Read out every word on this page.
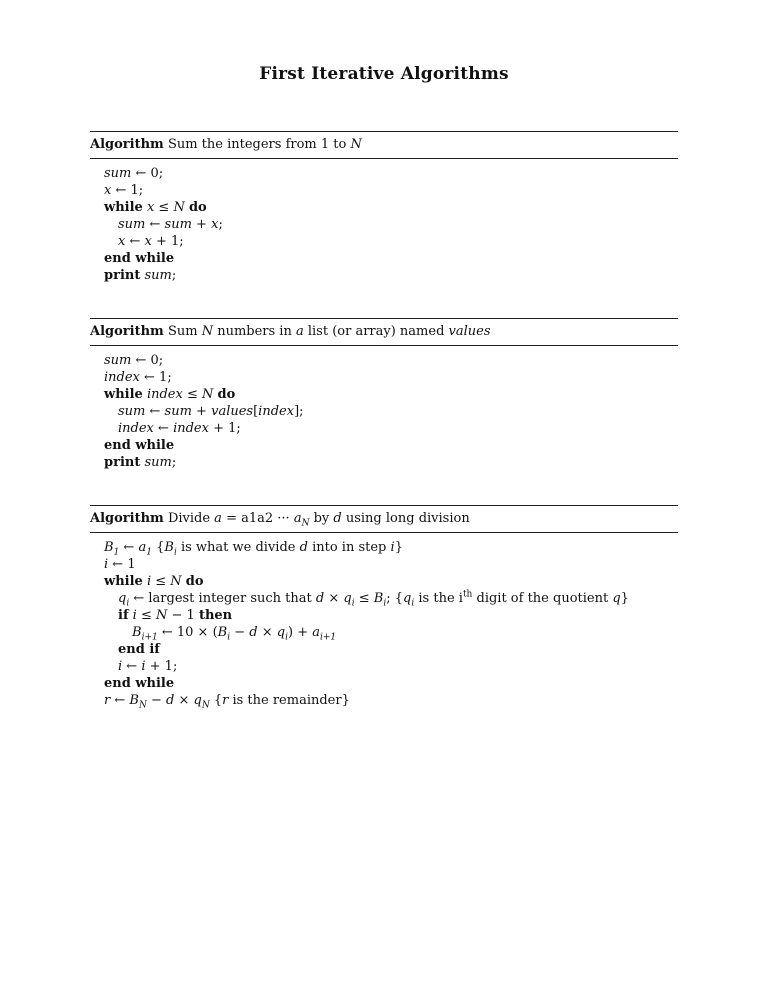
First Iterative Algorithms
Algorithm Sum the integers from 1 to N
sum ← 0;
x ← 1;
while x ≤ N do
sum ← sum + x;
x ← x + 1;
end while
print sum;
Algorithm Sum N numbers in a list (or array) named values
sum ← 0;
index ← 1;
while index ≤ N do
sum ← sum + values[index];
index ← index + 1;
end while
print sum;
Algorithm Divide a = a1a2 ··· $a_N$ by d using long division
$B_1$ ← $a_1$ {$B_i$ is what we divide d into in step i}
i ← 1
while i ≤ N do
$q_i$ ← largest integer such that $d \times q_i \le B_i$; {$q_i$ is the $i^{th}$ digit of the quotient q}
if i ≤ N − 1 then
$B_{i+1}$ ← $10 \times (B_i - d \times q_i) + a_{i+1}$
end if
i ← i + 1;
end while
r ← $B_N - d \times q_N$ {r is the remainder}
